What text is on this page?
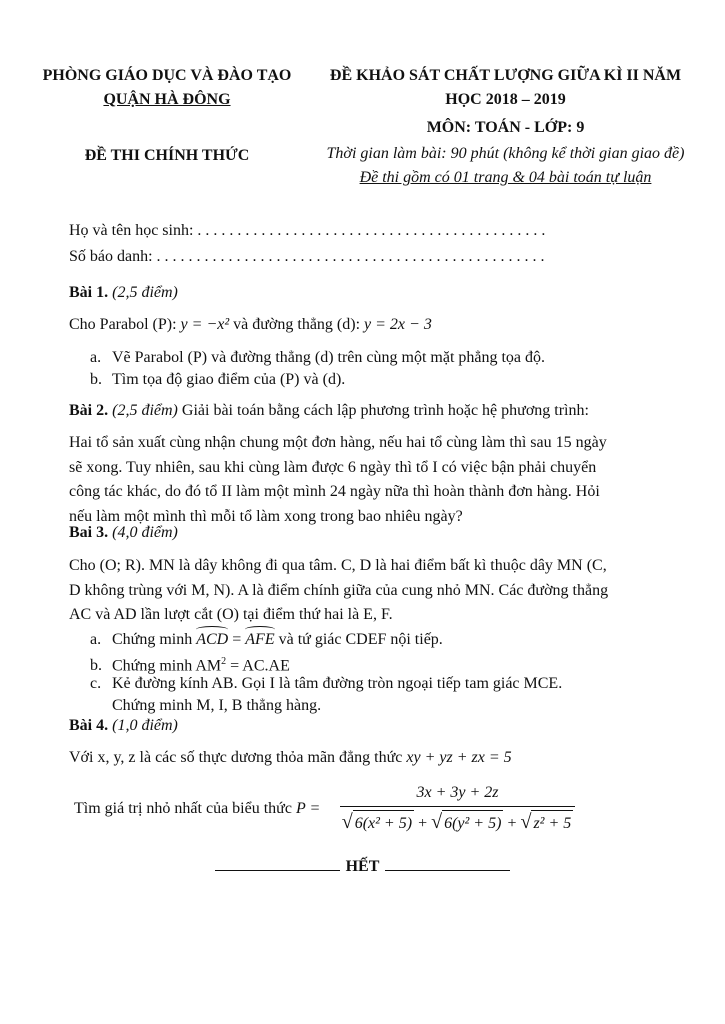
PHÒNG GIÁO DỤC VÀ ĐÀO TẠO
QUẬN HÀ ĐÔNG
ĐỀ THI CHÍNH THỨC
ĐỀ KHẢO SÁT CHẤT LƯỢNG GIỮA KÌ II NĂM
HỌC 2018 – 2019
MÔN: TOÁN - LỚP: 9
Thời gian làm bài: 90 phút (không kể thời gian giao đề)
Đề thi gồm có 01 trang & 04 bài toán tự luận
Họ và tên học sinh: . . . . . . . . . . . . . . . . . . . . . . . . . . . . . . . . . . . . . . . . . . . .
Số báo danh: . . . . . . . . . . . . . . . . . . . . . . . . . . . . . . . . . . . . . . . . . . . . . . . . .
Bài 1. (2,5 điểm)
Cho Parabol (P): y = −x² và đường thẳng (d): y = 2x − 3
a. Vẽ Parabol (P) và đường thẳng (d) trên cùng một mặt phẳng tọa độ.
b. Tìm tọa độ giao điểm của (P) và (d).
Bài 2. (2,5 điểm) Giải bài toán bằng cách lập phương trình hoặc hệ phương trình:
Hai tổ sản xuất cùng nhận chung một đơn hàng, nếu hai tổ cùng làm thì sau 15 ngày
sẽ xong. Tuy nhiên, sau khi cùng làm được 6 ngày thì tổ I có việc bận phải chuyển
công tác khác, do đó tổ II làm một mình 24 ngày nữa thì hoàn thành đơn hàng. Hỏi
nếu làm một mình thì mỗi tổ làm xong trong bao nhiêu ngày?
Bai 3. (4,0 điểm)
Cho (O; R). MN là dây không đi qua tâm. C, D là hai điểm bất kì thuộc dây MN (C,
D không trùng với M, N). A là điểm chính giữa của cung nhỏ MN. Các đường thẳng
AC và AD lần lượt cắt (O) tại điểm thứ hai là E, F.
a. Chứng minh ACD = AFE và tứ giác CDEF nội tiếp.
b. Chứng minh $AM^2 = AC.AE$
c. Kẻ đường kính AB. Gọi I là tâm đường tròn ngoại tiếp tam giác MCE.
Chứng minh M, I, B thẳng hàng.
Bài 4. (1,0 điểm)
Với x, y, z là các số thực dương thỏa mãn đẳng thức xy + yz + zx = 5
Tìm giá trị nhỏ nhất của biểu thức P =
3x + 3y + 2z
√ 6(x² + 5) + √ 6(y² + 5) + √ z² + 5
HẾT
